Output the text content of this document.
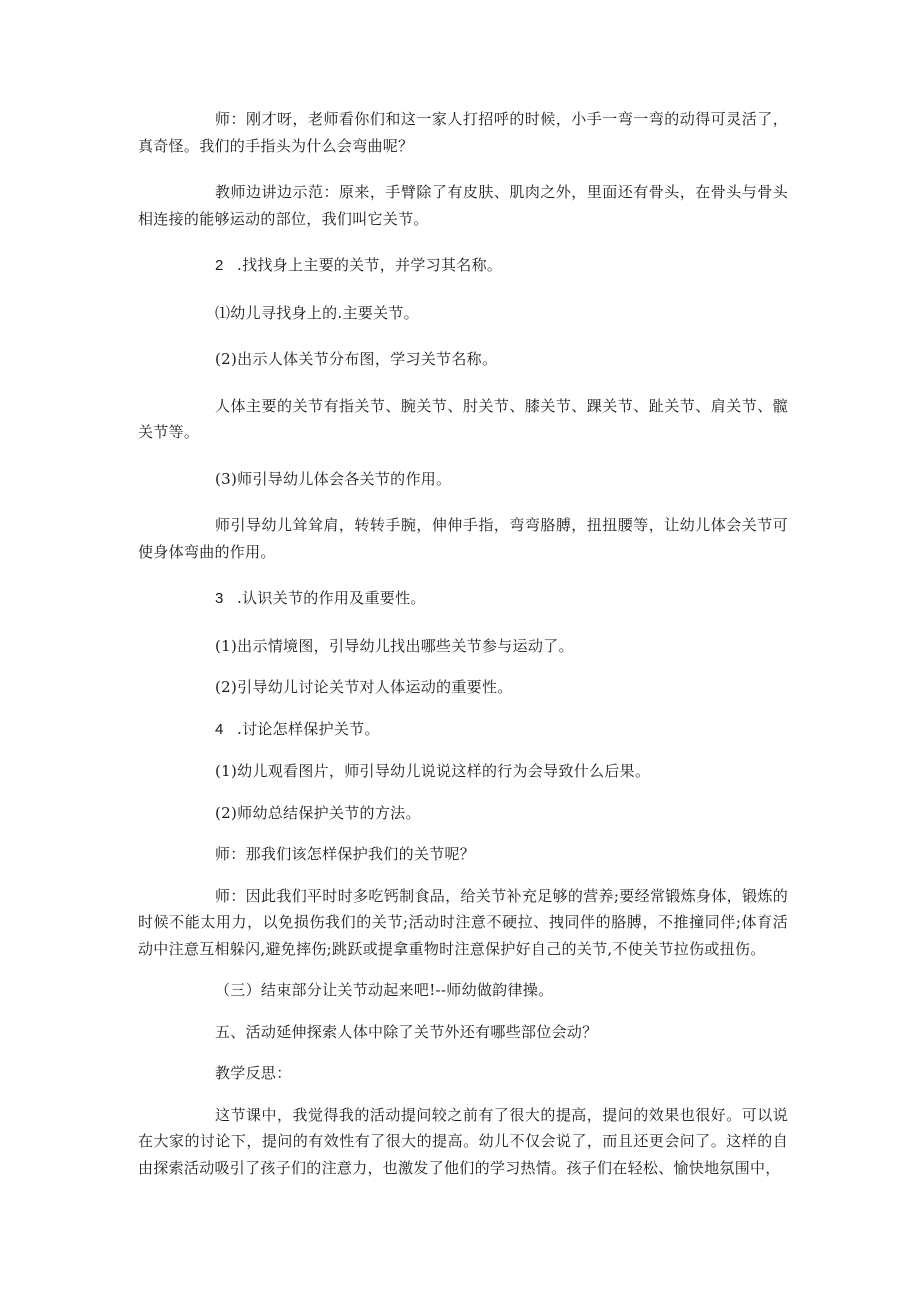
师：刚才呀，老师看你们和这一家人打招呼的时候，小手一弯一弯的动得可灵活了，真奇怪。我们的手指头为什么会弯曲呢？

教师边讲边示范：原来，手臂除了有皮肤、肌肉之外，里面还有骨头，在骨头与骨头相连接的能够运动的部位，我们叫它关节。

2 .找找身上主要的关节，并学习其名称。

⑴幼儿寻找身上的.主要关节。

(2)出示人体关节分布图，学习关节名称。

人体主要的关节有指关节、腕关节、肘关节、膝关节、踝关节、趾关节、肩关节、髋关节等。

(3)师引导幼儿体会各关节的作用。

师引导幼儿耸耸肩，转转手腕，伸伸手指，弯弯胳膊，扭扭腰等，让幼儿体会关节可使身体弯曲的作用。

3 .认识关节的作用及重要性。

(1)出示情境图，引导幼儿找出哪些关节参与运动了。

(2)引导幼儿讨论关节对人体运动的重要性。

4 .讨论怎样保护关节。

(1)幼儿观看图片，师引导幼儿说说这样的行为会导致什么后果。

(2)师幼总结保护关节的方法。

师：那我们该怎样保护我们的关节呢？

师：因此我们平时时多吃钙制食品，给关节补充足够的营养;要经常锻炼身体，锻炼的时候不能太用力，以免损伤我们的关节;活动时注意不硬拉、拽同伴的胳膊，不推撞同伴;体育活动中注意互相躲闪,避免摔伤;跳跃或提拿重物时注意保护好自己的关节,不使关节拉伤或扭伤。

（三）结束部分让关节动起来吧!--师幼做韵律操。

五、活动延伸探索人体中除了关节外还有哪些部位会动？

教学反思：

这节课中，我觉得我的活动提问较之前有了很大的提高，提问的效果也很好。可以说在大家的讨论下，提问的有效性有了很大的提高。幼儿不仅会说了，而且还更会问了。这样的自由探索活动吸引了孩子们的注意力，也激发了他们的学习热情。孩子们在轻松、愉快地氛围中，
